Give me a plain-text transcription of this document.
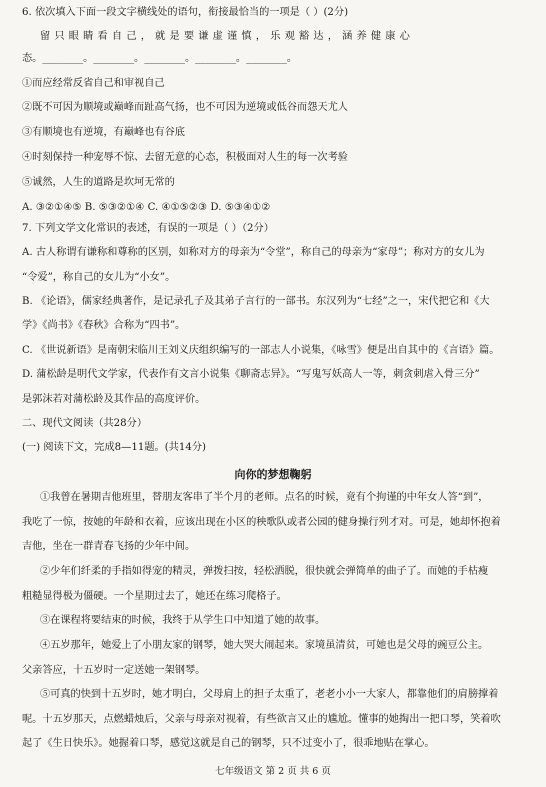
6. 依次填入下面一段文字横线处的语句，衔接最恰当的一项是（ ）(2分)
留只眼睛看自己，就是要谦虚谨慎，乐观豁达，涵养健康心
态。________。________。________。________。________。
①而应经常反省自己和审视自己
②既不可因为顺境或巅峰而趾高气扬，也不可因为逆境或低谷而怨天尤人
③有顺境也有逆境，有巅峰也有谷底
④时刻保持一种宠辱不惊、去留无意的心态，积极面对人生的每一次考验
⑤诚然，人生的道路是坎坷无常的
A. ③②①④⑤ B. ⑤③②①④ C. ④①⑤②③ D. ⑤③④①②
7. 下列文学文化常识的表述，有误的一项是（ ）（2分）
A. 古人称谓有谦称和尊称的区别，如称对方的母亲为“令堂”，称自己的母亲为“家母”；称对方的女儿为
“令爱”，称自己的女儿为“小女”。
B. 《论语》，儒家经典著作，是记录孔子及其弟子言行的一部书。东汉列为“七经”之一，宋代把它和《大
学》《尚书》《春秋》合称为“四书”。
C. 《世说新语》是南朝宋临川王刘义庆组织编写的一部志人小说集，《咏雪》便是出自其中的《言语》篇。
D. 蒲松龄是明代文学家，代表作有文言小说集《聊斋志异》。“写鬼写妖高人一等，刺贪刺虐入骨三分”
是郭沫若对蒲松龄及其作品的高度评价。
二、现代文阅读（共28分）
(一) 阅读下文，完成8—11题。(共14分)
向你的梦想鞠躬
①我曾在暑期吉他班里，替朋友客串了半个月的老师。点名的时候，竟有个拘谨的中年女人答“到”，
我吃了一惊，按她的年龄和衣着，应该出现在小区的秧歌队或者公园的健身操行列才对。可是，她却怀抱着
吉他，坐在一群青春飞扬的少年中间。
②少年们纤柔的手指如得宠的精灵，弹拨扫按，轻松洒脱，很快就会弹简单的曲子了。而她的手枯瘦
粗糙显得极为僵硬。一个星期过去了，她还在练习爬格子。
③在课程将要结束的时候，我终于从学生口中知道了她的故事。
④五岁那年，她爱上了小朋友家的钢琴，她大哭大闹起来。家境虽清贫，可她也是父母的豌豆公主。
父亲答应，十五岁时一定送她一架钢琴。
⑤可真的快到十五岁时，她才明白，父母肩上的担子太重了，老老小小一大家人，都靠他们的肩膀撑着
呢。十五岁那天，点燃蜡烛后，父亲与母亲对视着，有些欲言又止的尴尬。懂事的她掏出一把口琴，笑着吹
起了《生日快乐》。她握着口琴，感觉这就是自己的钢琴，只不过变小了，很乖地贴在掌心。
七年级语文 第 2 页 共 6 页
